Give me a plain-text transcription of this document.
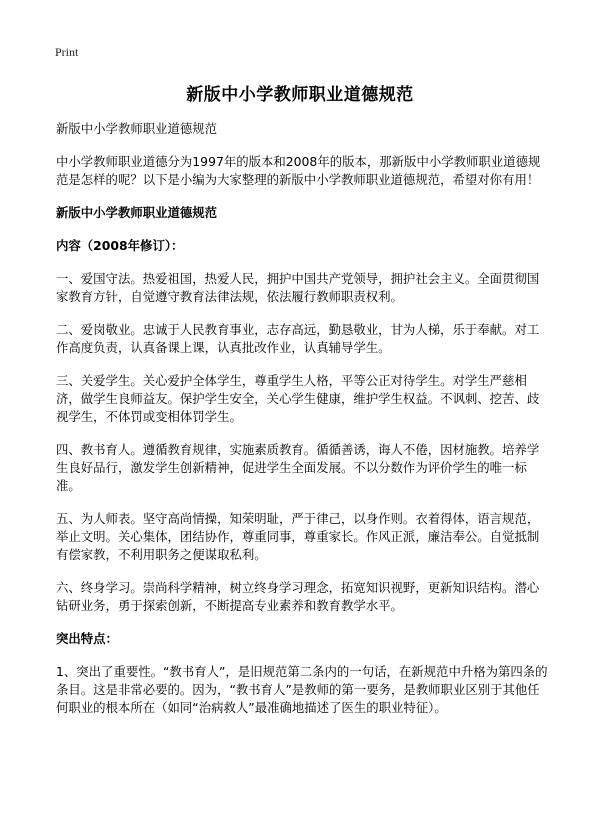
Print
新版中小学教师职业道德规范

新版中小学教师职业道德规范

中小学教师职业道德分为1997年的版本和2008年的版本，那新版中小学教师职业道德规范是怎样的呢？以下是小编为大家整理的新版中小学教师职业道德规范，希望对你有用！

新版中小学教师职业道德规范

内容（2008年修订）：

一、爱国守法。热爱祖国，热爱人民，拥护中国共产党领导，拥护社会主义。全面贯彻国家教育方针，自觉遵守教育法律法规，依法履行教师职责权利。

二、爱岗敬业。忠诚于人民教育事业，志存高远，勤恳敬业，甘为人梯，乐于奉献。对工作高度负责，认真备课上课，认真批改作业，认真辅导学生。

三、关爱学生。关心爱护全体学生，尊重学生人格，平等公正对待学生。对学生严慈相济，做学生良师益友。保护学生安全，关心学生健康，维护学生权益。不讽刺、挖苦、歧视学生，不体罚或变相体罚学生。

四、教书育人。遵循教育规律，实施素质教育。循循善诱，诲人不倦，因材施教。培养学生良好品行，激发学生创新精神，促进学生全面发展。不以分数作为评价学生的唯一标准。

五、为人师表。坚守高尚情操，知荣明耻，严于律己，以身作则。衣着得体，语言规范，举止文明。关心集体，团结协作，尊重同事，尊重家长。作风正派，廉洁奉公。自觉抵制有偿家教，不利用职务之便谋取私利。

六、终身学习。崇尚科学精神，树立终身学习理念，拓宽知识视野，更新知识结构。潜心钻研业务，勇于探索创新，不断提高专业素养和教育教学水平。

突出特点：

1、突出了重要性。“教书育人”，是旧规范第二条内的一句话，在新规范中升格为第四条的条目。这是非常必要的。因为，“教书育人”是教师的第一要务，是教师职业区别于其他任何职业的根本所在（如同“治病救人”最准确地描述了医生的职业特征）。
